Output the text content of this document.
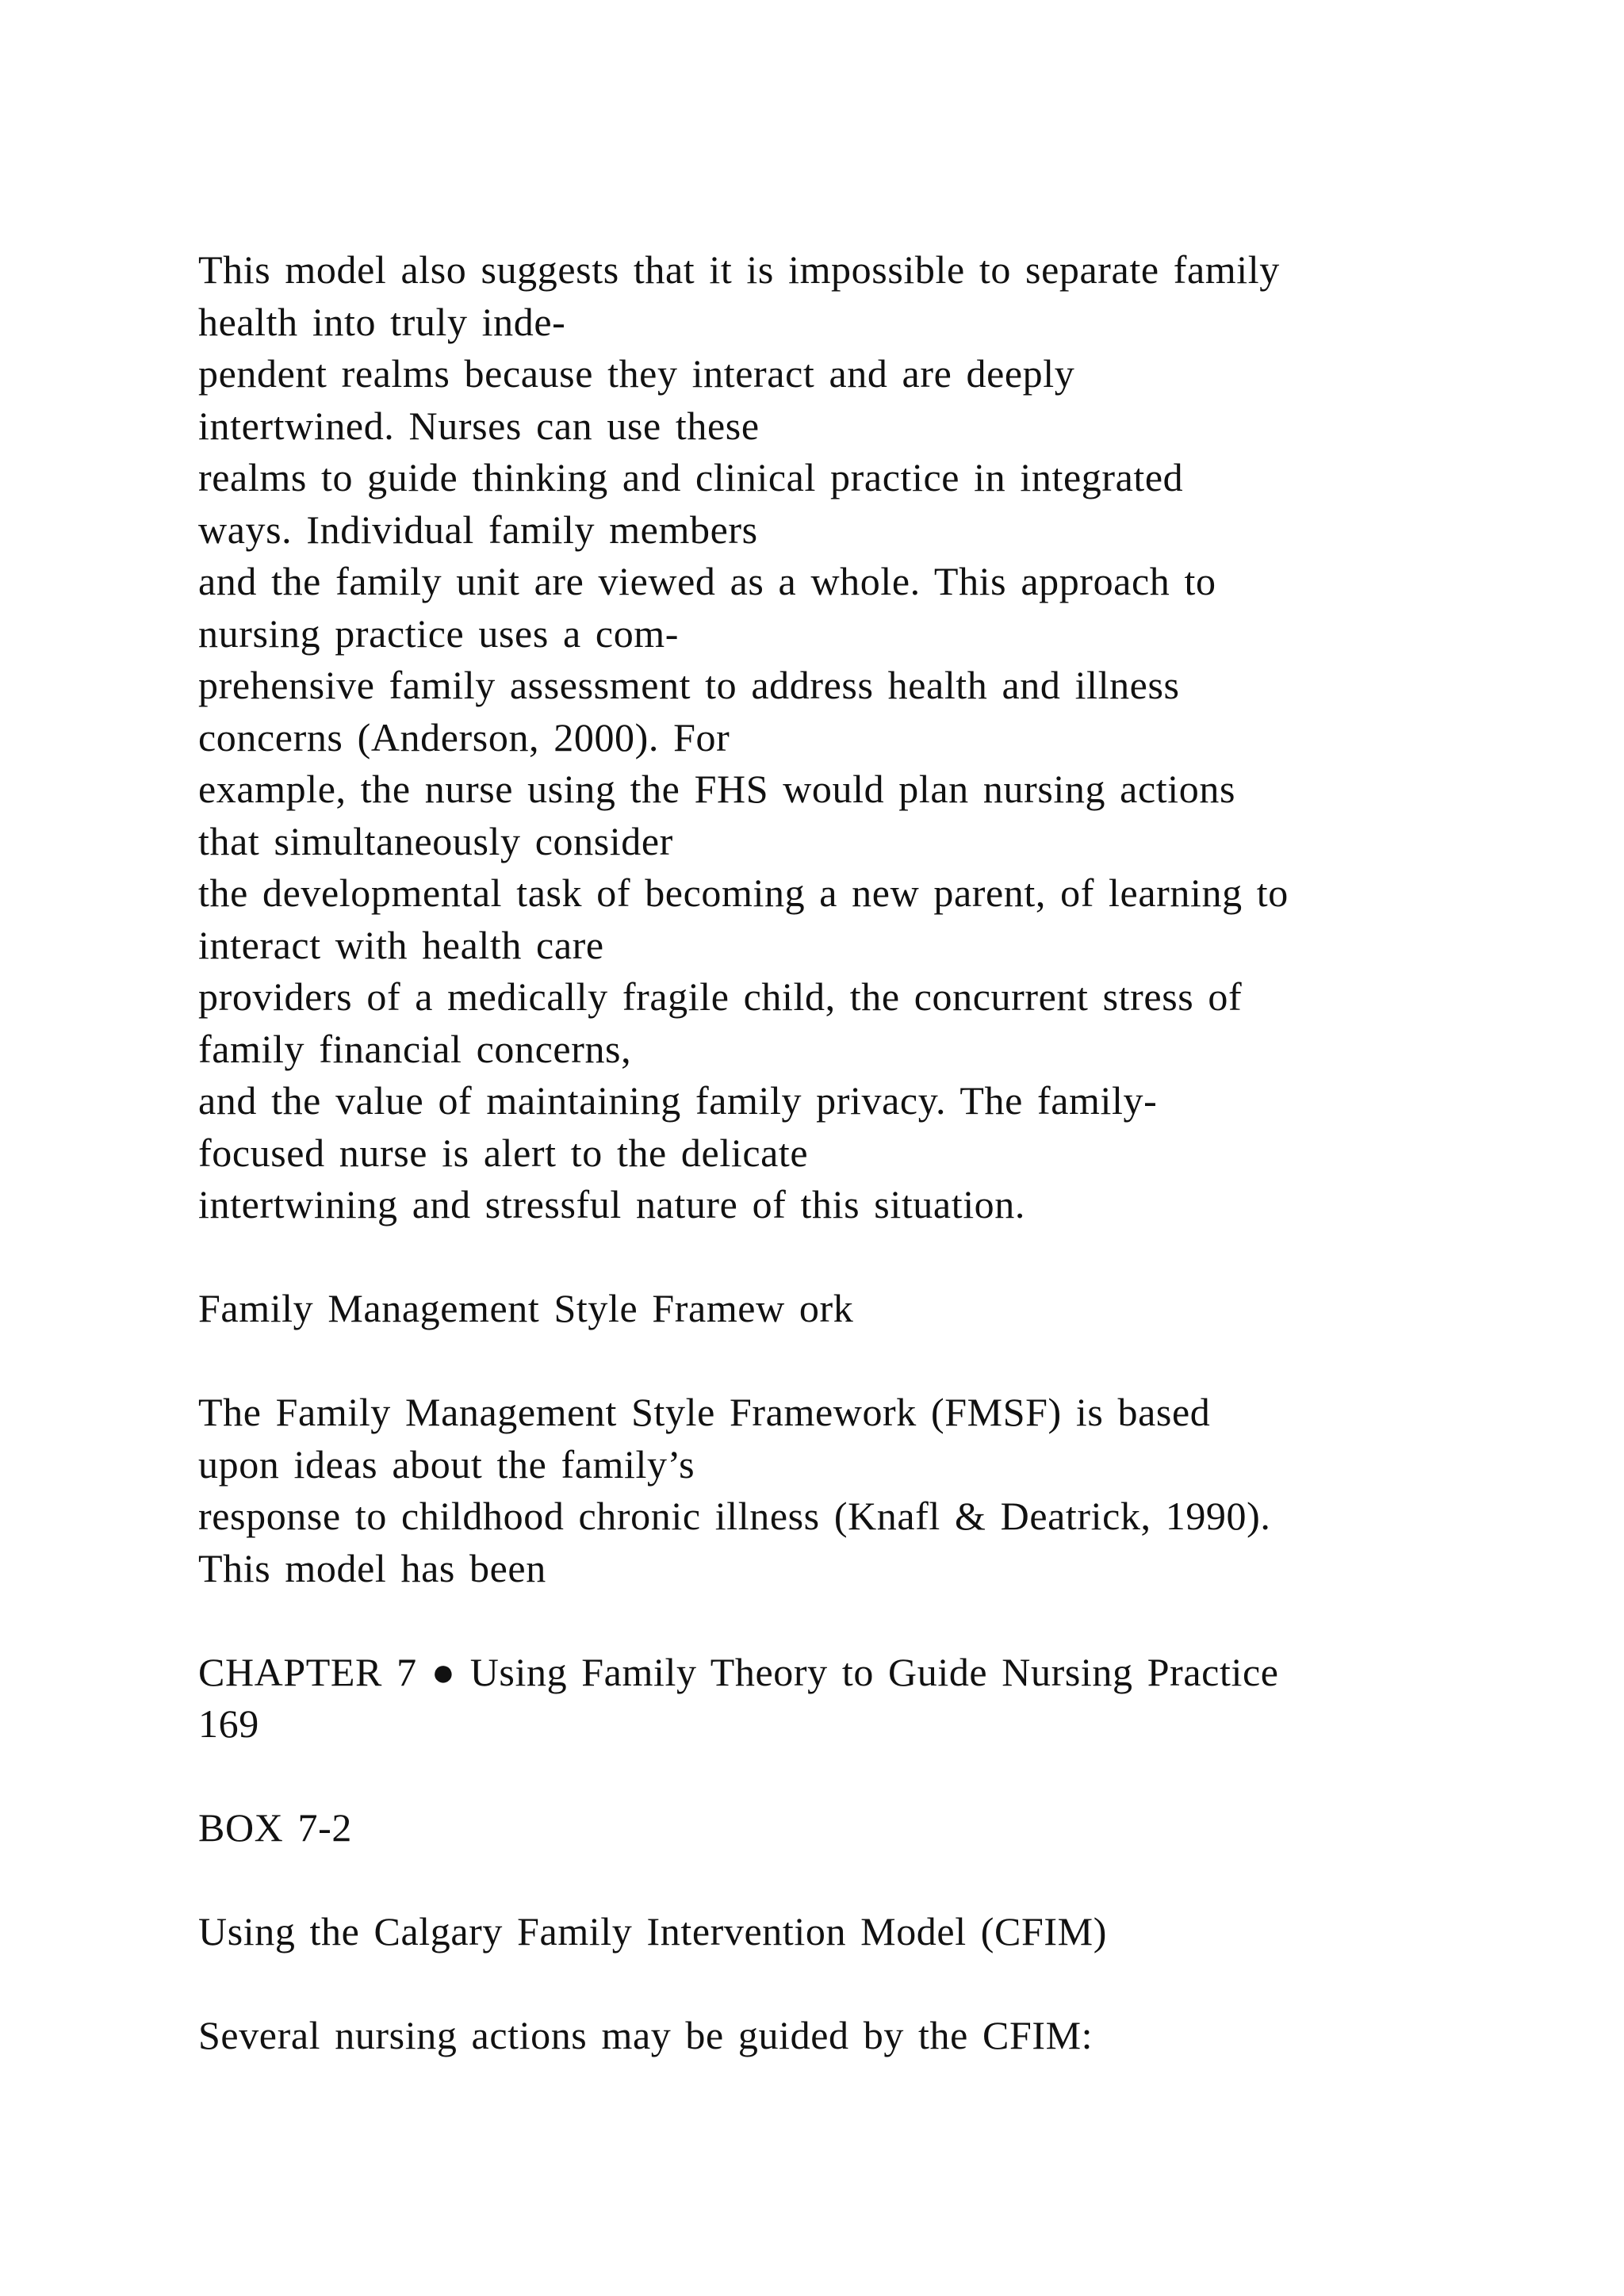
This model also suggests that it is impossible to separate family
health into truly inde-
pendent realms because they interact and are deeply
intertwined. Nurses can use these
realms to guide thinking and clinical practice in integrated
ways. Individual family members
and the family unit are viewed as a whole. This approach to
nursing practice uses a com-
prehensive family assessment to address health and illness
concerns (Anderson, 2000). For
example, the nurse using the FHS would plan nursing actions
that simultaneously consider
the developmental task of becoming a new parent, of learning to
interact with health care
providers of a medically fragile child, the concurrent stress of
family financial concerns,
and the value of maintaining family privacy. The family-
focused nurse is alert to the delicate
intertwining and stressful nature of this situation.
Family Management Style Framew ork
The Family Management Style Framework (FMSF) is based
upon ideas about the family’s
response to childhood chronic illness (Knafl & Deatrick, 1990).
This model has been
CHAPTER 7 ● Using Family Theory to Guide Nursing Practice
169
BOX 7-2
Using the Calgary Family Intervention Model (CFIM)
Several nursing actions may be guided by the CFIM:
